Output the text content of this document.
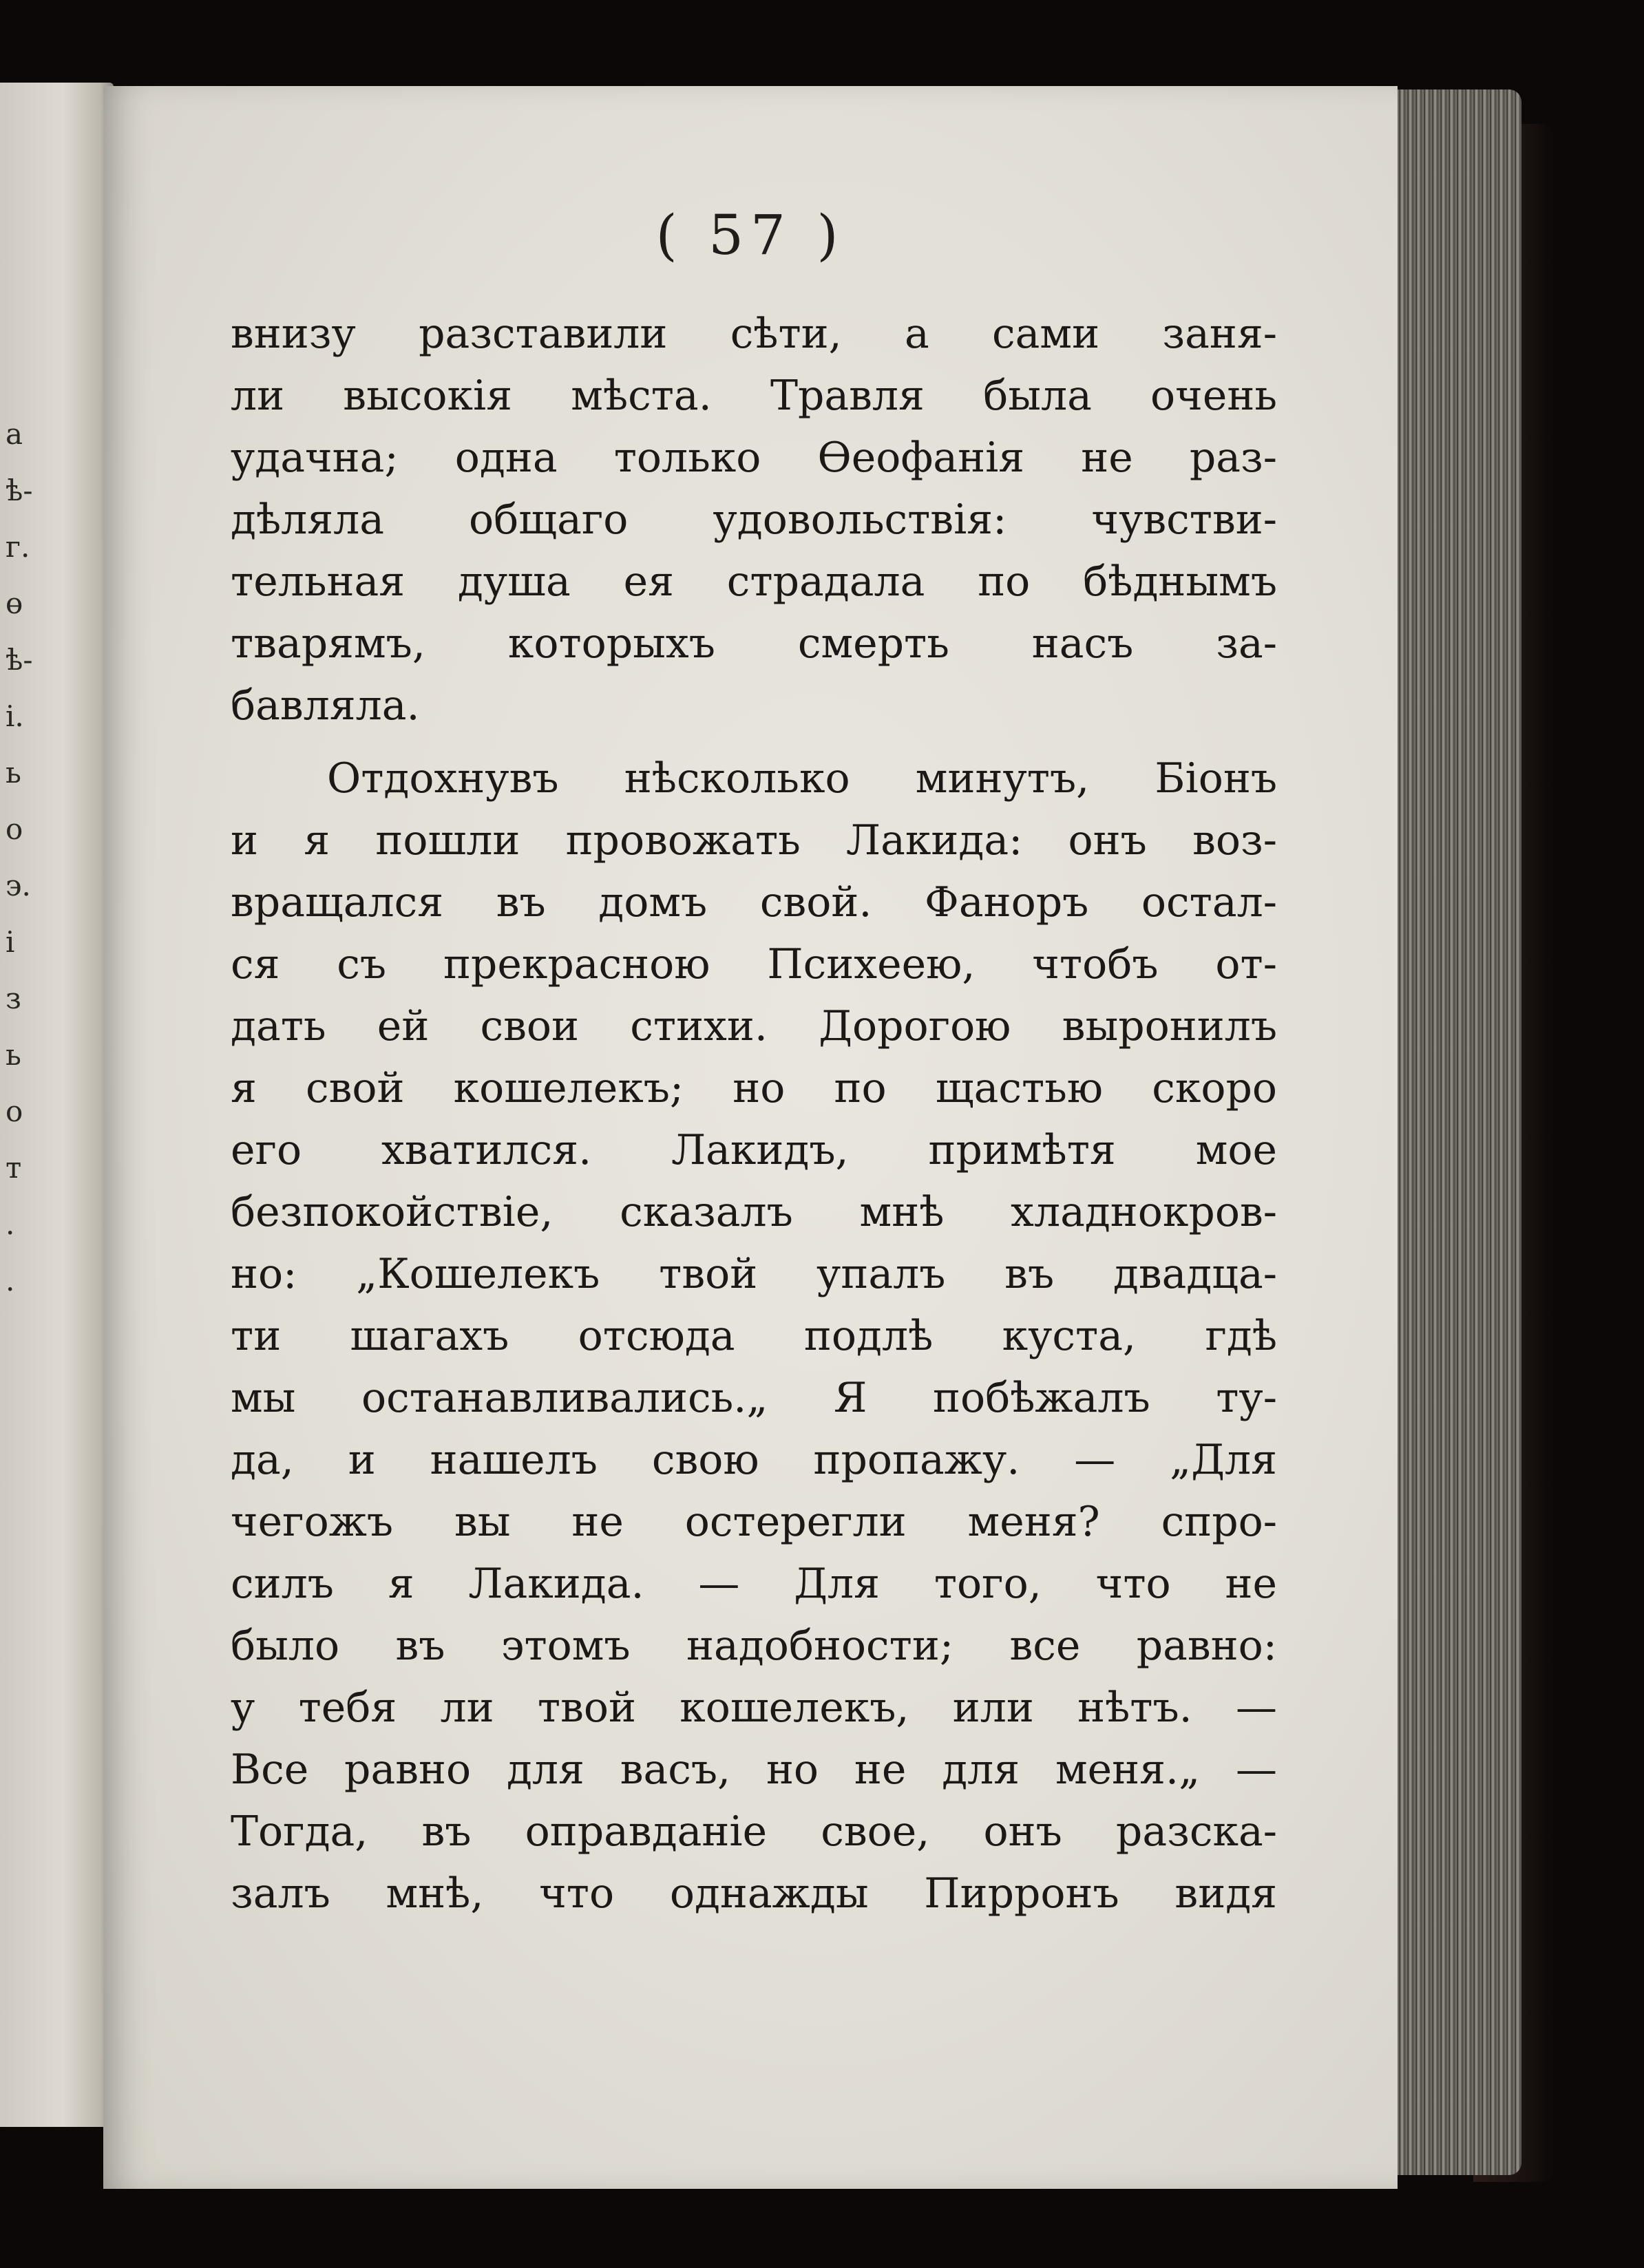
а
ѣ-
г.
ө
ѣ-
і.
ь
о
э.
і
з
ь
о
т
.
.
( 57 )
внизу разставили сѣти, а сами заня-
ли высокія мѣста. Травля была очень
удачна; одна только Өеофанія не раз-
дѣляла общаго удовольствія: чувстви-
тельная душа ея страдала по бѣднымъ
тварямъ, которыхъ смерть насъ за-
бавляла.
Отдохнувъ нѣсколько минутъ, Біонъ
и я пошли провожать Лакида: онъ воз-
вращался въ домъ свой. Фаноръ остал-
ся съ прекрасною Психеею, чтобъ от-
дать ей свои стихи. Дорогою выронилъ
я свой кошелекъ; но по щастью скоро
его хватился. Лакидъ, примѣтя мое
безпокойствіе, сказалъ мнѣ хладнокров-
но: „Кошелекъ твой упалъ въ двадца-
ти шагахъ отсюда подлѣ куста, гдѣ
мы останавливались.„ Я побѣжалъ ту-
да, и нашелъ свою пропажу. — „Для
чегожъ вы не остерегли меня? спро-
силъ я Лакида. — Для того, что не
было въ этомъ надобности; все равно:
у тебя ли твой кошелекъ, или нѣтъ. —
Все равно для васъ, но не для меня.„ —
Тогда, въ оправданіе свое, онъ разска-
залъ мнѣ, что однажды Пирронъ видя
